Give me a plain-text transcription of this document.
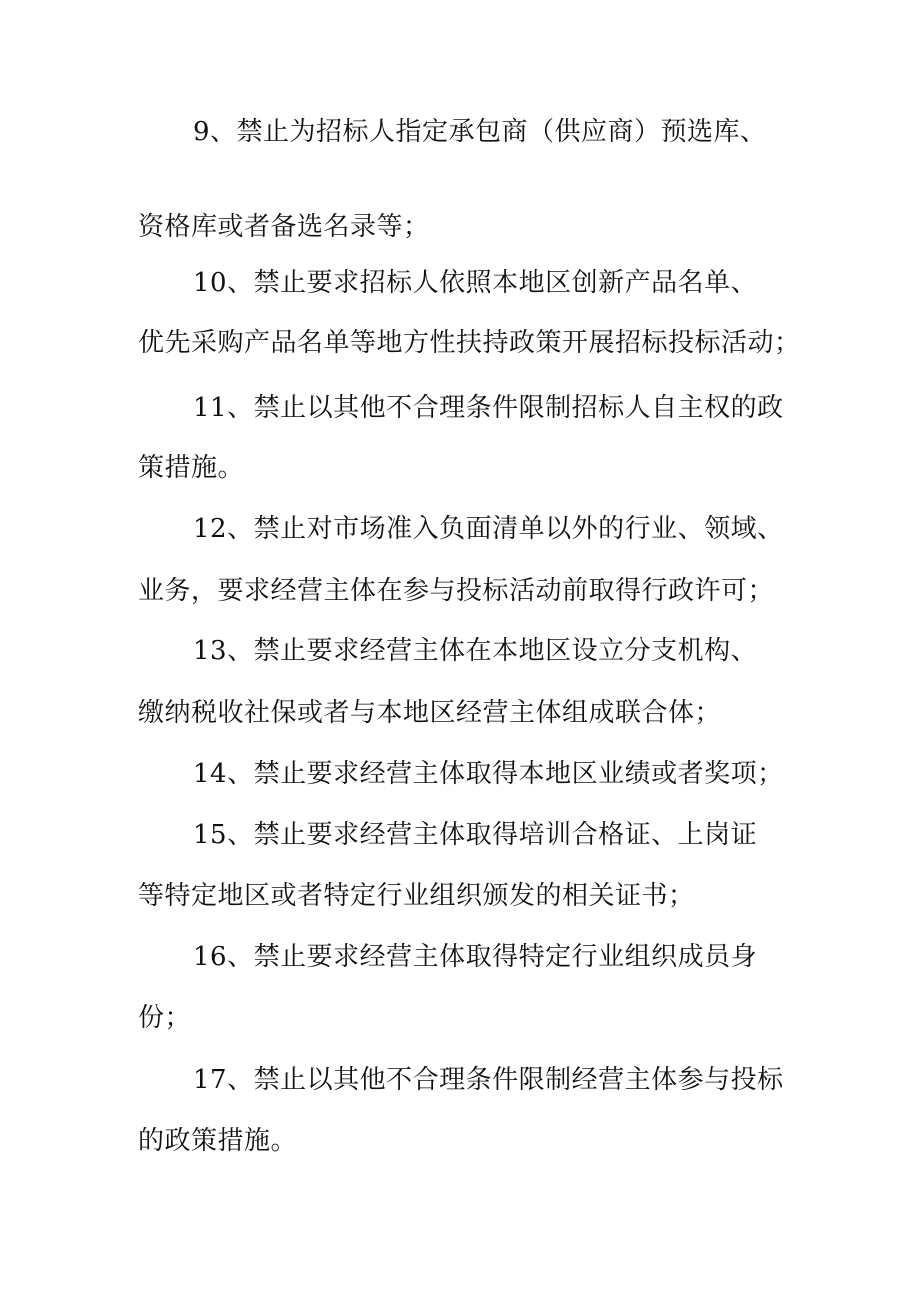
9、禁止为招标人指定承包商（供应商）预选库、
资格库或者备选名录等；
10、禁止要求招标人依照本地区创新产品名单、
优先采购产品名单等地方性扶持政策开展招标投标活动；
11、禁止以其他不合理条件限制招标人自主权的政
策措施。
12、禁止对市场准入负面清单以外的行业、领域、
业务，要求经营主体在参与投标活动前取得行政许可；
13、禁止要求经营主体在本地区设立分支机构、
缴纳税收社保或者与本地区经营主体组成联合体；
14、禁止要求经营主体取得本地区业绩或者奖项；
15、禁止要求经营主体取得培训合格证、上岗证
等特定地区或者特定行业组织颁发的相关证书；
16、禁止要求经营主体取得特定行业组织成员身
份；
17、禁止以其他不合理条件限制经营主体参与投标
的政策措施。
